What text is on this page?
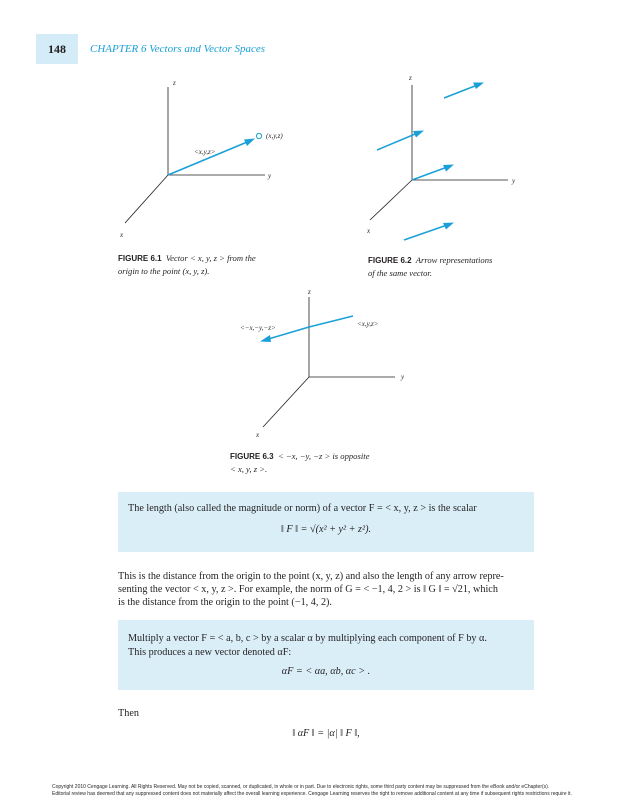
148	CHAPTER 6 Vectors and Vector Spaces
z
y
x
(x,y,z)
<x,y,z>
FIGURE 6.1 Vector < x, y, z > from the
origin to the point (x, y, z).
z
y
x
FIGURE 6.2 Arrow representations
of the same vector.
z
y
x
<x,y,z>
<−x,−y,−z>
FIGURE 6.3 < −x, −y, −z > is opposite
< x, y, z >.
The length (also called the magnitude or norm) of a vector F = < x, y, z > is the scalar
‖ F ‖ = √(x² + y² + z²).
This is the distance from the origin to the point (x, y, z) and also the length of any arrow repre-
senting the vector < x, y, z >. For example, the norm of G = < −1, 4, 2 > is ‖ G ‖ = √21, which
is the distance from the origin to the point (−1, 4, 2).
Multiply a vector F = < a, b, c > by a scalar α by multiplying each component of F by α.
This produces a new vector denoted αF:
αF = < αa, αb, αc > .
Then
‖ αF ‖ = |α| ‖ F ‖,
Copyright 2010 Cengage Learning. All Rights Reserved. May not be copied, scanned, or duplicated, in whole or in part. Due to electronic rights, some third party content may be suppressed from the eBook and/or eChapter(s).
Editorial review has deemed that any suppressed content does not materially affect the overall learning experience. Cengage Learning reserves the right to remove additional content at any time if subsequent rights restrictions require it.
